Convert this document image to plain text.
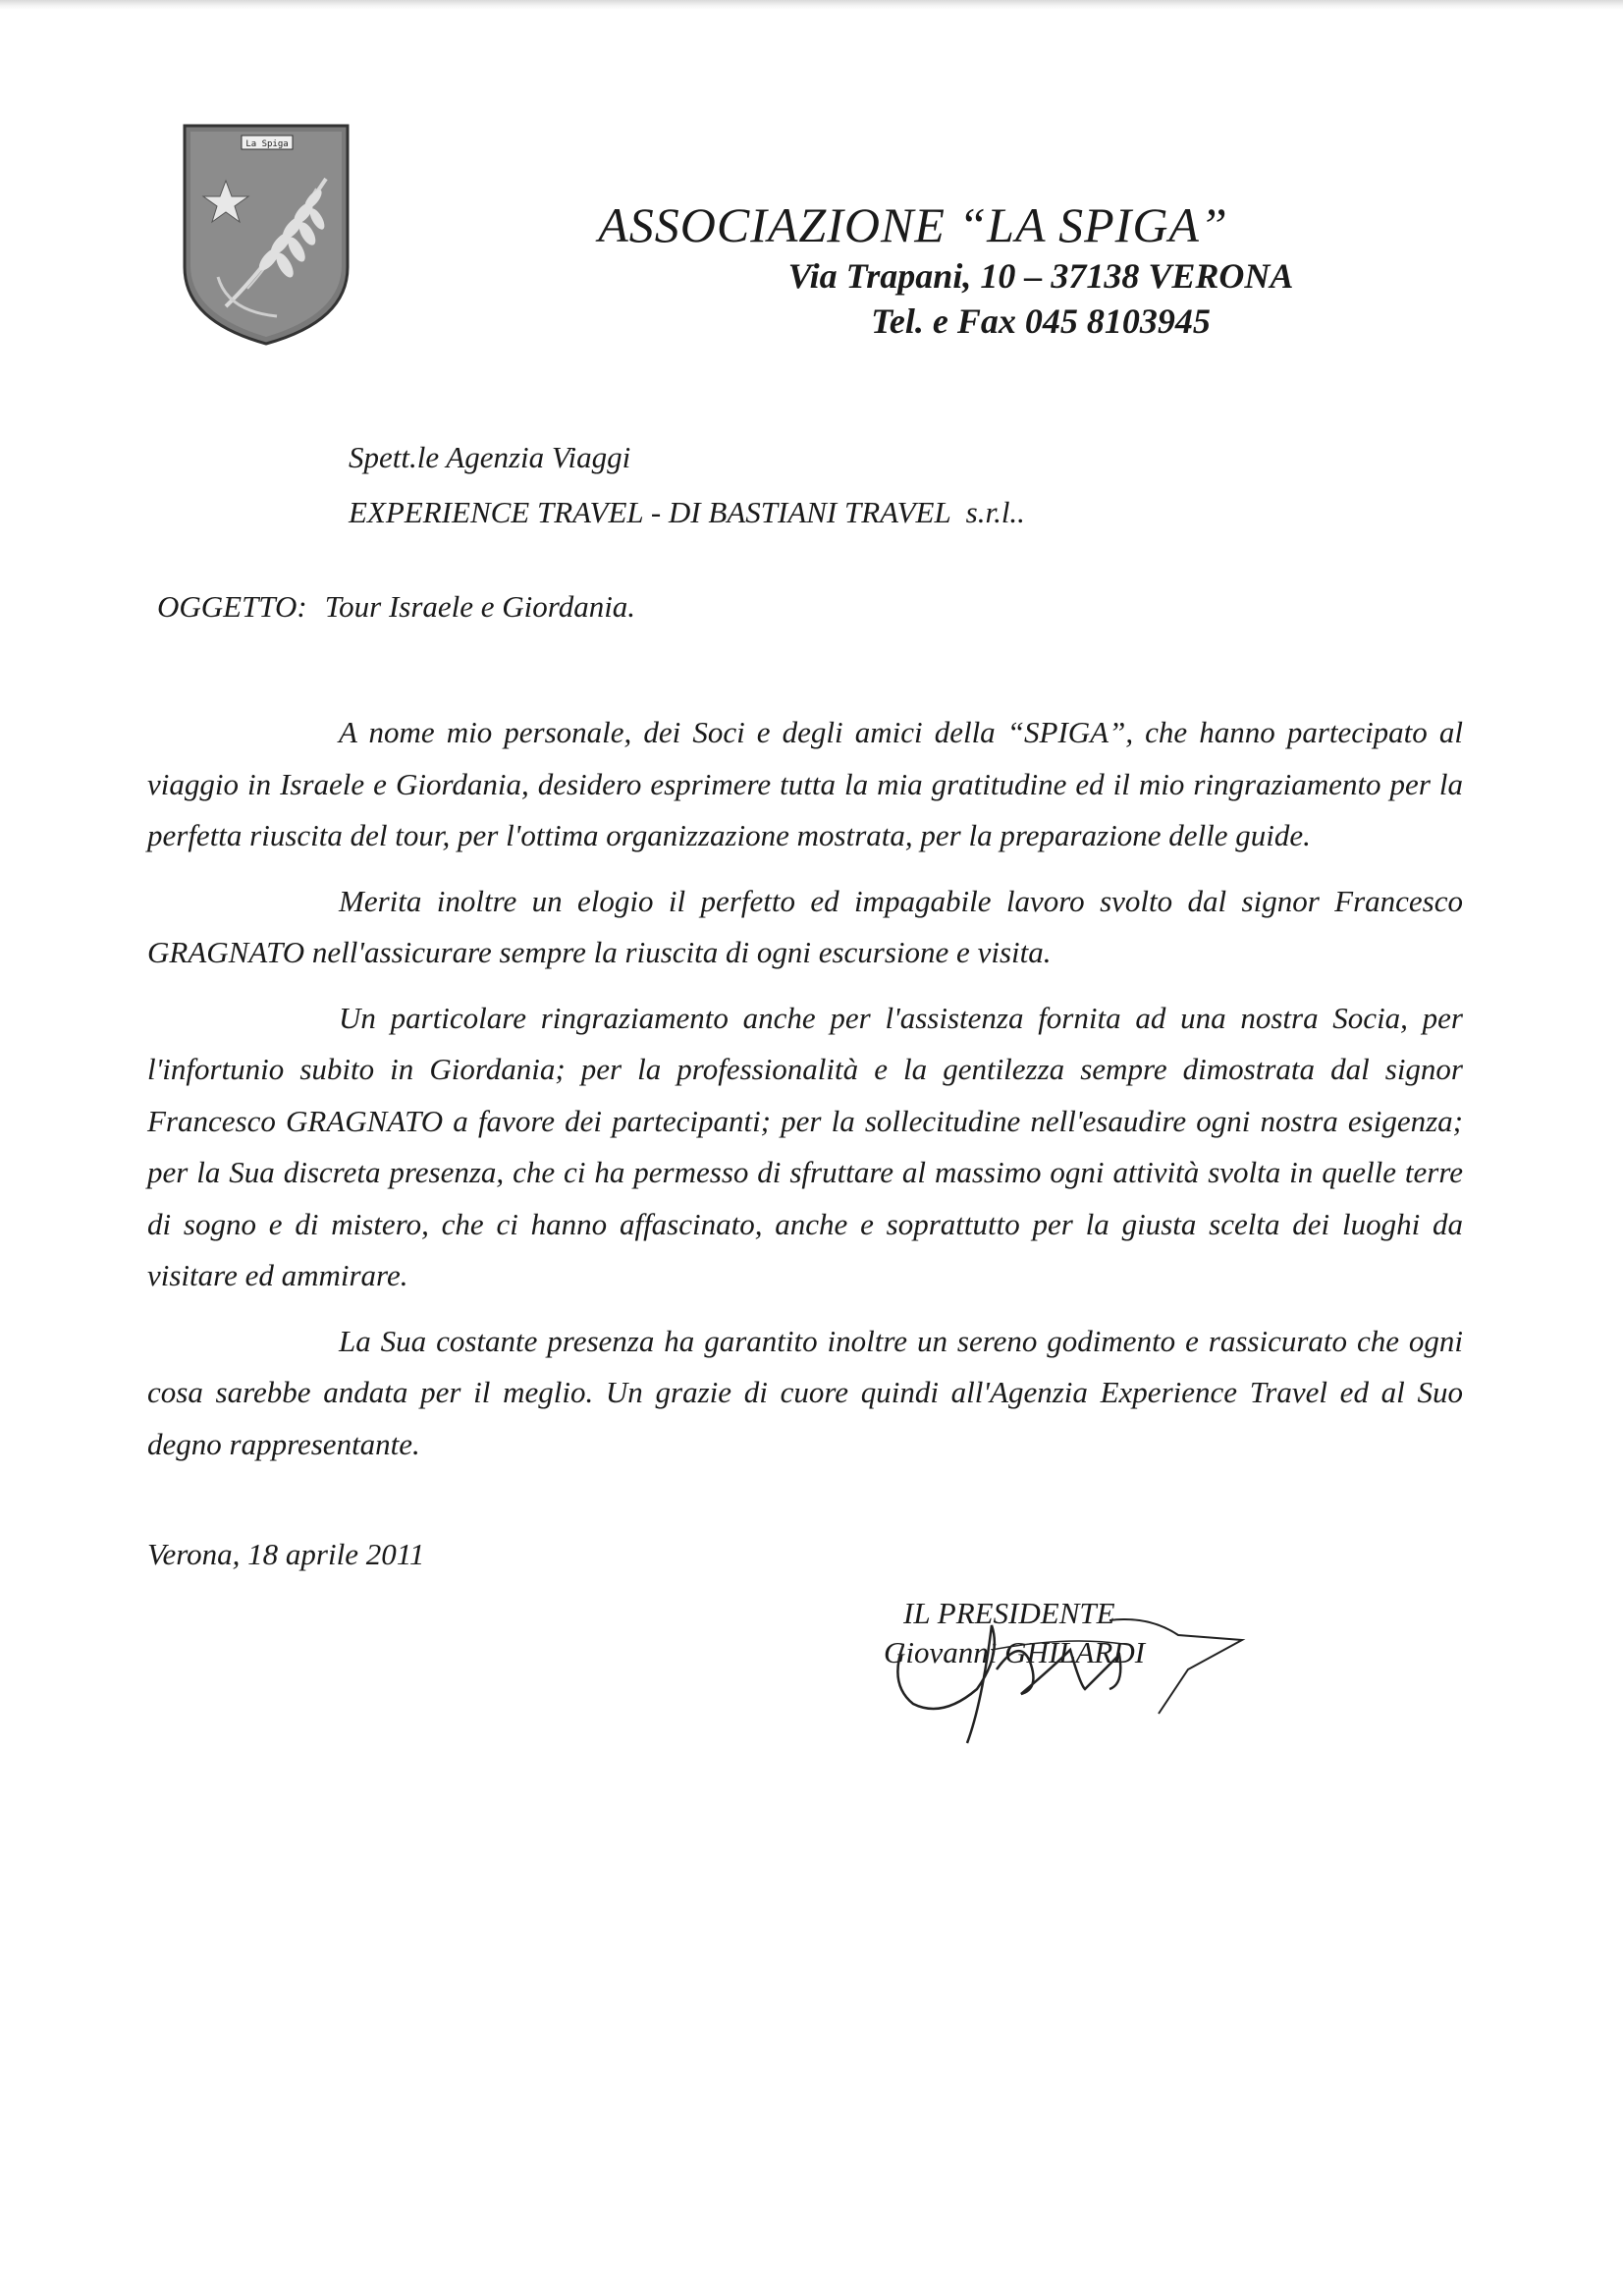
La Spiga
ASSOCIAZIONE “LA SPIGA”
Via Trapani, 10 – 37138 VERONA
Tel. e Fax 045 8103945
Spett.le Agenzia Viaggi
EXPERIENCE TRAVEL - DI BASTIANI TRAVEL  s.r.l..
OGGETTO: Tour Israele e Giordania.

A nome mio personale, dei Soci e degli amici della “SPIGA”, che hanno partecipato al viaggio in Israele e Giordania, desidero esprimere tutta la mia gratitudine ed il mio ringraziamento per la perfetta riuscita del tour, per l'ottima organizzazione mostrata, per la preparazione delle guide.

Merita inoltre un elogio il perfetto ed impagabile lavoro svolto dal signor Francesco GRAGNATO nell'assicurare sempre la riuscita di ogni escursione e visita.

Un particolare ringraziamento anche per l'assistenza fornita ad una nostra Socia, per l'infortunio subito in Giordania; per la professionalità e la gentilezza sempre dimostrata dal signor Francesco GRAGNATO a favore dei partecipanti; per la sollecitudine nell'esaudire ogni nostra esigenza; per la Sua discreta presenza, che ci ha permesso di sfruttare al massimo ogni attività svolta in quelle terre di sogno e di mistero, che ci hanno affascinato, anche e soprattutto per la giusta scelta dei luoghi da visitare ed ammirare.

La Sua costante presenza ha garantito inoltre un sereno godimento e rassicurato che ogni cosa sarebbe andata per il meglio. Un grazie di cuore quindi all'Agenzia Experience Travel ed al Suo degno rappresentante.

Verona, 18 aprile 2011
IL PRESIDENTE
Giovanni GHILARDI
